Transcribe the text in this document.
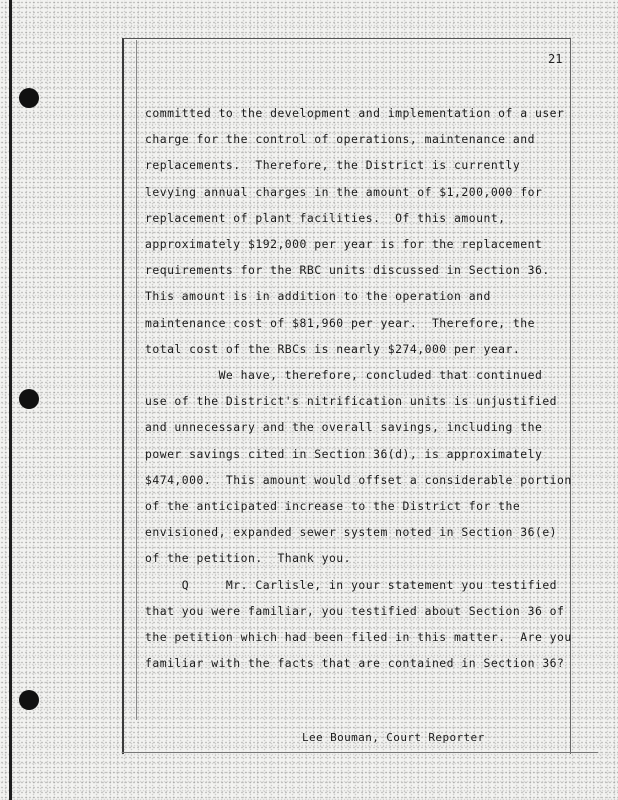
21
committed to the development and implementation of a user
charge for the control of operations, maintenance and
replacements.  Therefore, the District is currently
levying annual charges in the amount of $1,200,000 for
replacement of plant facilities.  Of this amount,
approximately $192,000 per year is for the replacement
requirements for the RBC units discussed in Section 36.
This amount is in addition to the operation and
maintenance cost of $81,960 per year.  Therefore, the
total cost of the RBCs is nearly $274,000 per year.
We have, therefore, concluded that continued
use of the District's nitrification units is unjustified
and unnecessary and the overall savings, including the
power savings cited in Section 36(d), is approximately
$474,000.  This amount would offset a considerable portion
of the anticipated increase to the District for the
envisioned, expanded sewer system noted in Section 36(e)
of the petition.  Thank you.
Q     Mr. Carlisle, in your statement you testified
that you were familiar, you testified about Section 36 of
the petition which had been filed in this matter.  Are you
familiar with the facts that are contained in Section 36?
Lee Bouman, Court Reporter
